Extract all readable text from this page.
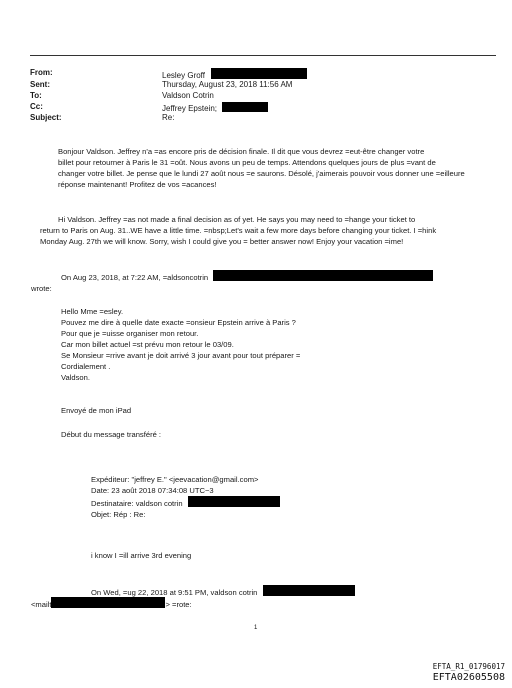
From:	Lesley Groff
Sent:	Thursday, August 23, 2018 11:56 AM
To:	Valdson Cotrin
Cc:	Jeffrey Epstein;
Subject:	Re:
Bonjour Valdson. Jeffrey n'a =as encore pris de décision finale. Il dit que vous devrez =eut-être changer votre
billet pour retourner à Paris le 31 =oût. Nous avons un peu de temps. Attendons quelques jours de plus =vant de
changer votre billet. Je pense que le lundi 27 août nous =e saurons. Désolé, j'aimerais pouvoir vous donner une =eilleure
réponse maintenant! Profitez de vos =acances!
Hi Valdson. Jeffrey =as not made a final decision as of yet. He says you may need to =hange your ticket to
return to Paris on Aug. 31..WE have a little time. =nbsp;Let's wait a few more days before changing your ticket. I =hink
Monday Aug. 27th we will know. Sorry, wish I could give you = better answer now! Enjoy your vacation =ime!
On Aug 23, 2018, at 7:22 AM, =aldsoncotrin
wrote:
Hello Mme =esley.
Pouvez me dire à quelle date exacte =onsieur Epstein arrive à Paris ?
Pour que je =uisse organiser mon retour.
Car mon billet actuel =st prévu mon retour le 03/09.
Se Monsieur =rrive avant je doit arrivé 3 jour avant pour tout préparer =
Cordialement .
Valdson.
Envoyé de mon iPad
Début du message transféré :
Expéditeur: "jeffrey E." <jeevacation@gmail.com>
Date: 23 août 2018 07:34:08 UTC−3
Destinataire: valdson cotrin
Objet: Rép : Re:
i know I =ill arrive 3rd evening
On Wed, =ug 22, 2018 at 9:51 PM, valdson cotrin
<mailt	> =rote:
1
EFTA_R1_01796017
EFTA02605508
